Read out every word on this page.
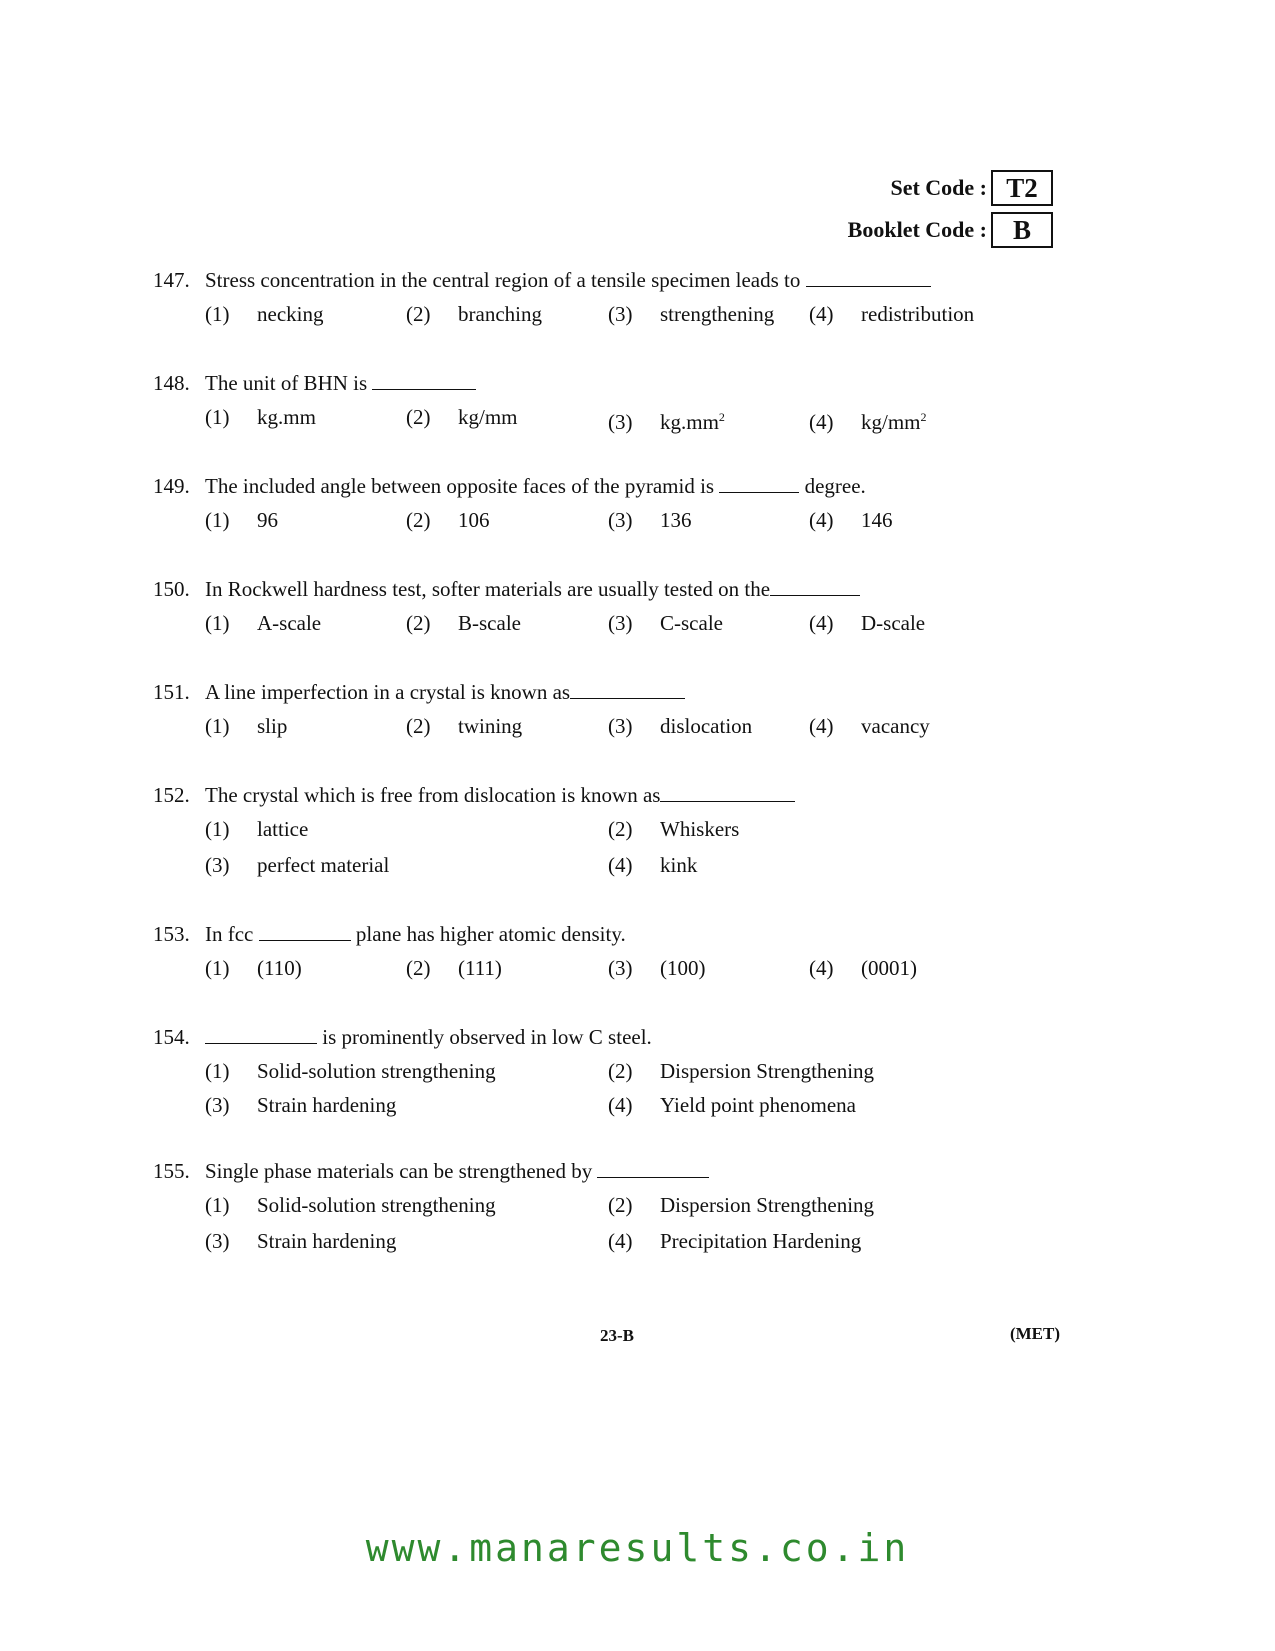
Set Code : T2
Booklet Code : B
147. Stress concentration in the central region of a tensile specimen leads to
(1) necking	(2) branching	(3) strengthening (4) redistribution
148. The unit of BHN is
(1) kg.mm	(2) kg/mm	(3) $kg.mm^2$	(4) $kg/mm^2$
149. The included angle between opposite faces of the pyramid is	degree.
(1) 96	(2) 106	(3) 136	(4) 146
150. In Rockwell hardness test, softer materials are usually tested on the
(1) A-scale	(2) B-scale	(3) C-scale	(4) D-scale
151. A line imperfection in a crystal is known as
(1) slip	(2) twining	(3) dislocation	(4) vacancy
152. The crystal which is free from dislocation is known as
(1) lattice	(2) Whiskers
(3) perfect material	(4) kink
153. In fcc	plane has higher atomic density.
(1) (110)	(2) (111)	(3) (100)	(4) (0001)
154.	is prominently observed in low C steel.
(1) Solid-solution strengthening	(2) Dispersion Strengthening
(3) Strain hardening	(4) Yield point phenomena
155. Single phase materials can be strengthened by
(1) Solid-solution strengthening	(2) Dispersion Strengthening
(3) Strain hardening	(4) Precipitation Hardening
23-B	(MET)
www.manaresults.co.in
